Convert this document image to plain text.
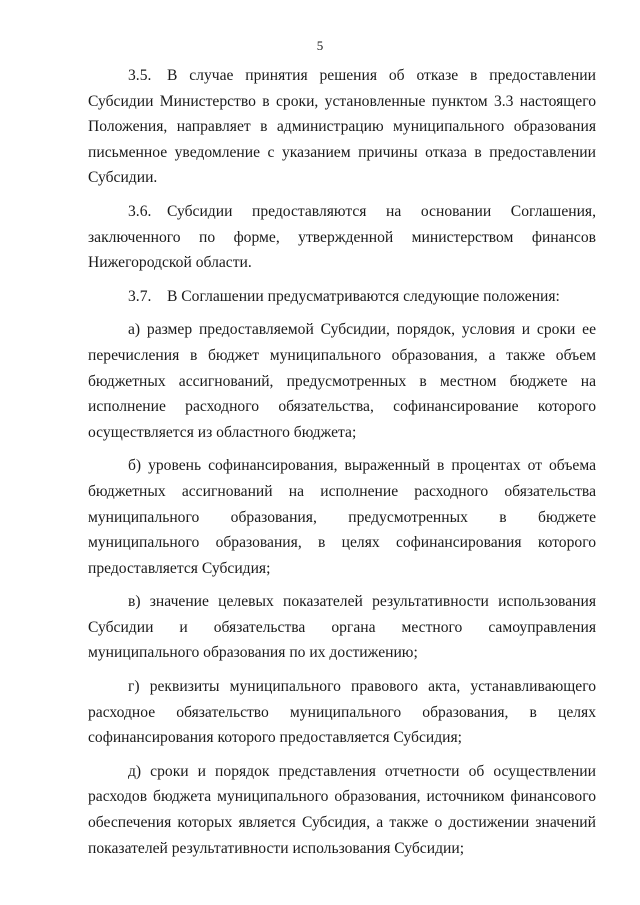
5

3.5. В случае принятия решения об отказе в предоставлении Субсидии Министерство в сроки, установленные пунктом 3.3 настоящего Положения, направляет в администрацию муниципального образования письменное уведомление с указанием причины отказа в предоставлении Субсидии.

3.6. Субсидии предоставляются на основании Соглашения, заключенного по форме, утвержденной министерством финансов Нижегородской области.

3.7. В Соглашении предусматриваются следующие положения:

а) размер предоставляемой Субсидии, порядок, условия и сроки ее перечисления в бюджет муниципального образования, а также объем бюджетных ассигнований, предусмотренных в местном бюджете на исполнение расходного обязательства, софинансирование которого осуществляется из областного бюджета;

б) уровень софинансирования, выраженный в процентах от объема бюджетных ассигнований на исполнение расходного обязательства муниципального образования, предусмотренных в бюджете муниципального образования, в целях софинансирования которого предоставляется Субсидия;

в) значение целевых показателей результативности использования Субсидии и обязательства органа местного самоуправления муниципального образования по их достижению;

г) реквизиты муниципального правового акта, устанавливающего расходное обязательство муниципального образования, в целях софинансирования которого предоставляется Субсидия;

д) сроки и порядок представления отчетности об осуществлении расходов бюджета муниципального образования, источником финансового обеспечения которых является Субсидия, а также о достижении значений показателей результативности использования Субсидии;
